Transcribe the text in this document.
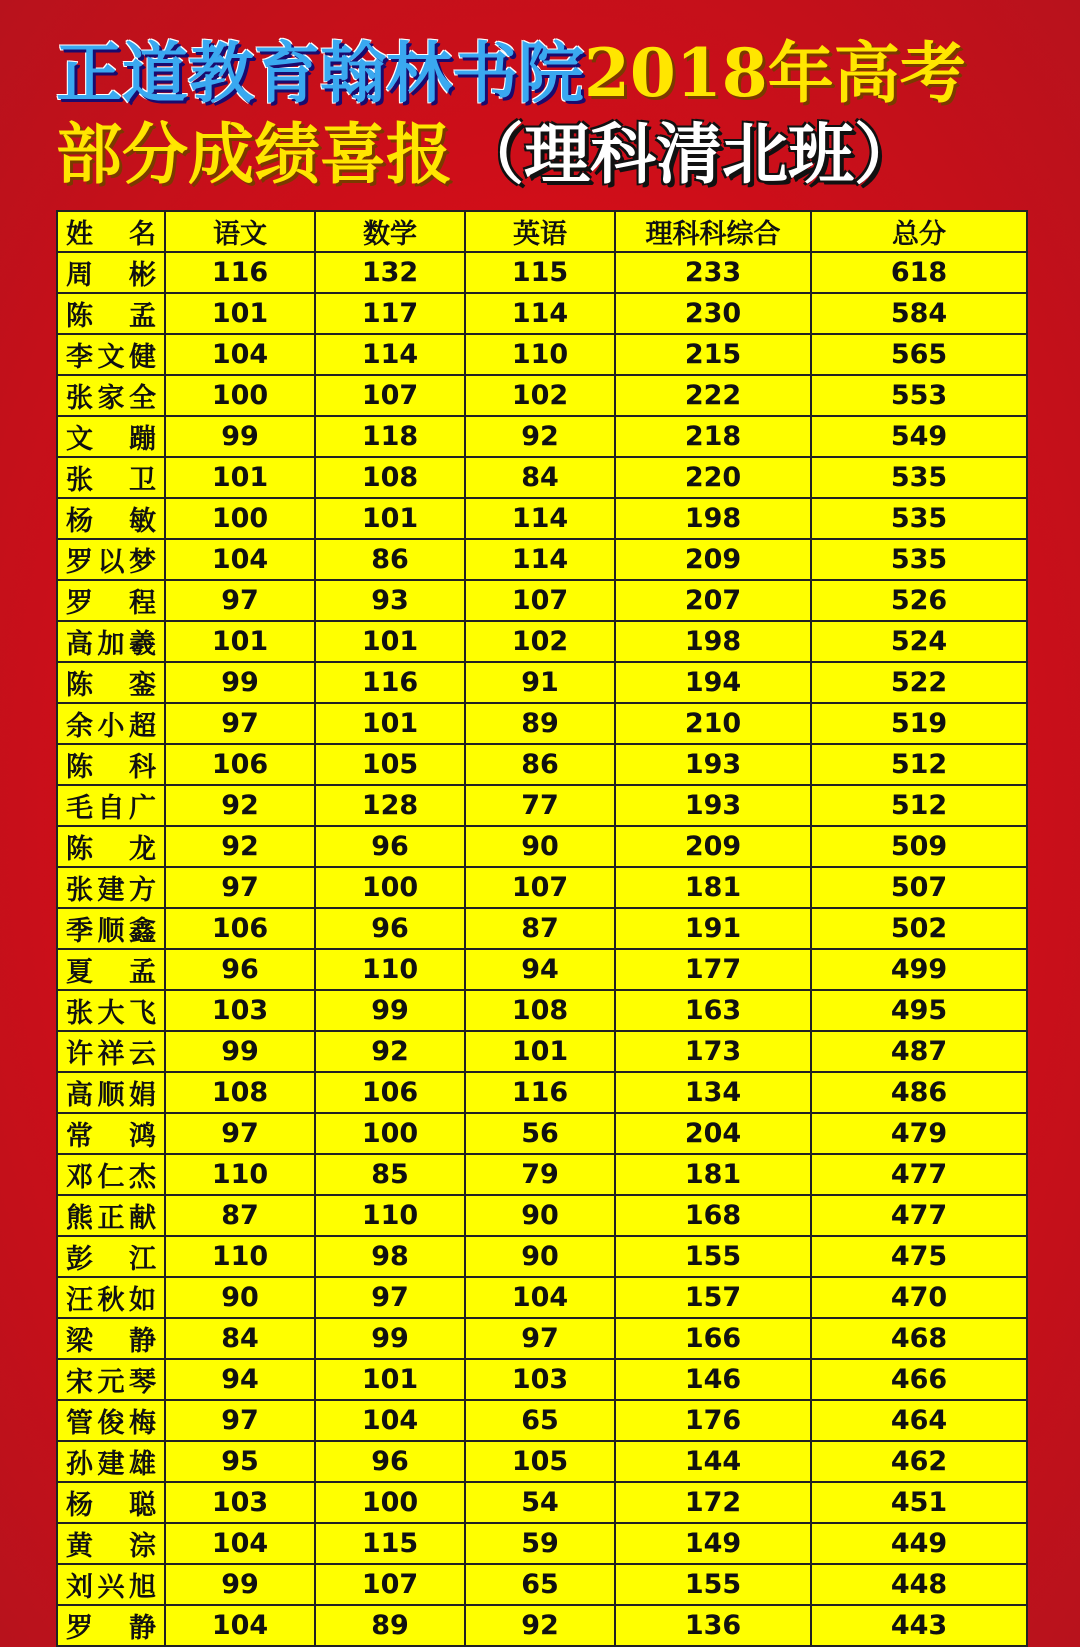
正道教育翰林书院2018年高考
部分成绩喜报（理科清北班）
姓 名	语文	数学	英语	理科科综合	总分
周 彬	116	132	115	233	618
陈 孟	101	117	114	230	584
李文健	104	114	110	215	565
张家全	100	107	102	222	553
文 蹦	99	118	92	218	549
张 卫	101	108	84	220	535
杨 敏	100	101	114	198	535
罗以梦	104	86	114	209	535
罗 程	97	93	107	207	526
高加羲	101	101	102	198	524
陈 銮	99	116	91	194	522
余小超	97	101	89	210	519
陈 科	106	105	86	193	512
毛自广	92	128	77	193	512
陈 龙	92	96	90	209	509
张建方	97	100	107	181	507
季顺鑫	106	96	87	191	502
夏 孟	96	110	94	177	499
张大飞	103	99	108	163	495
许祥云	99	92	101	173	487
高顺娟	108	106	116	134	486
常 鸿	97	100	56	204	479
邓仁杰	110	85	79	181	477
熊正献	87	110	90	168	477
彭 江	110	98	90	155	475
汪秋如	90	97	104	157	470
梁 静	84	99	97	166	468
宋元琴	94	101	103	146	466
管俊梅	97	104	65	176	464
孙建雄	95	96	105	144	462
杨 聪	103	100	54	172	451
黄 淙	104	115	59	149	449
刘兴旭	99	107	65	155	448
罗 静	104	89	92	136	443
